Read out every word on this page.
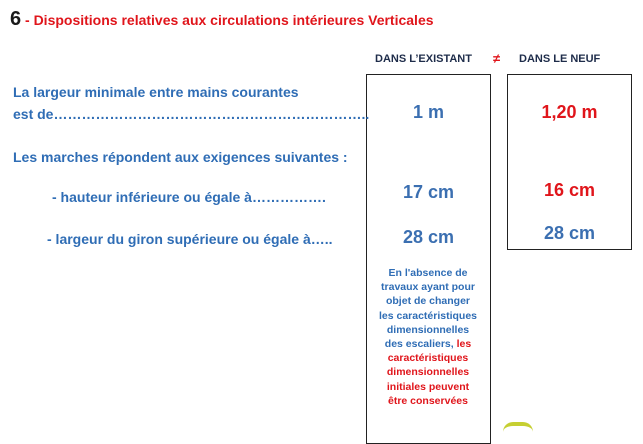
6 - Dispositions relatives aux circulations intérieures Verticales
DANS L’EXISTANT ≠ DANS LE NEUF
La largeur minimale entre mains courantes
est de…………………………………………………………..
Les marches répondent aux exigences suivantes :
- hauteur inférieure ou égale à…………….
- largeur du giron supérieure ou égale à…..
1 m
17 cm
28 cm
1,20 m
16 cm
28 cm
En l'absence de
travaux ayant pour
objet de changer
les caractéristiques
dimensionnelles
des escaliers, les
caractéristiques
dimensionnelles
initiales peuvent
être conservées
